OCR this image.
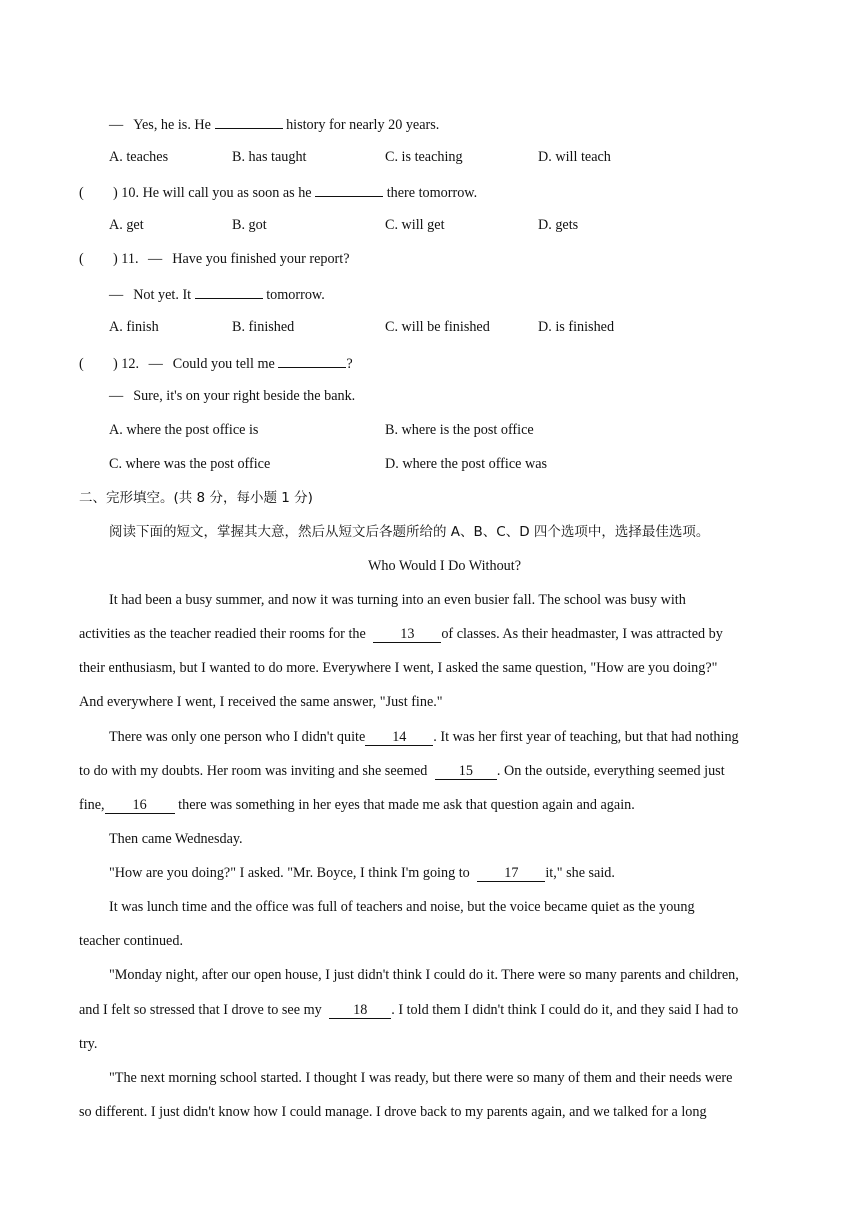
— Yes, he is. He	history for nearly 20 years.
A. teaches	B. has taught	C. is teaching	D. will teach
( ) 10. He will call you as soon as he	there tomorrow.
A. get	B. got	C. will get	D. gets
( ) 11. — Have you finished your report?
— Not yet. It	tomorrow.
A. finish	B. finished	C. will be finished	D. is finished
( ) 12. — Could you tell me	?
— Sure, it's on your right beside the bank.
A. where the post office is	B. where is the post office
C. where was the post office	D. where the post office was
二、完形填空。(共 8 分，每小题 1 分)
阅读下面的短文，掌握其大意，然后从短文后各题所给的 A、B、C、D 四个选项中，选择最佳选项。
Who Would I Do Without?
It had been a busy summer, and now it was turning into an even busier fall. The school was busy with
activities as the teacher readied their rooms for the 13 of classes. As their headmaster, I was attracted by
their enthusiasm, but I wanted to do more. Everywhere I went, I asked the same question, "How are you doing?"
And everywhere I went, I received the same answer, "Just fine."
There was only one person who I didn't quite 14 . It was her first year of teaching, but that had nothing
to do with my doubts. Her room was inviting and she seemed 15 . On the outside, everything seemed just
fine, 16 there was something in her eyes that made me ask that question again and again.
Then came Wednesday.
"How are you doing?" I asked. "Mr. Boyce, I think I'm going to 17 it," she said.
It was lunch time and the office was full of teachers and noise, but the voice became quiet as the young
teacher continued.
"Monday night, after our open house, I just didn't think I could do it. There were so many parents and children,
and I felt so stressed that I drove to see my 18 . I told them I didn't think I could do it, and they said I had to
try.
"The next morning school started. I thought I was ready, but there were so many of them and their needs were
so different. I just didn't know how I could manage. I drove back to my parents again, and we talked for a long
